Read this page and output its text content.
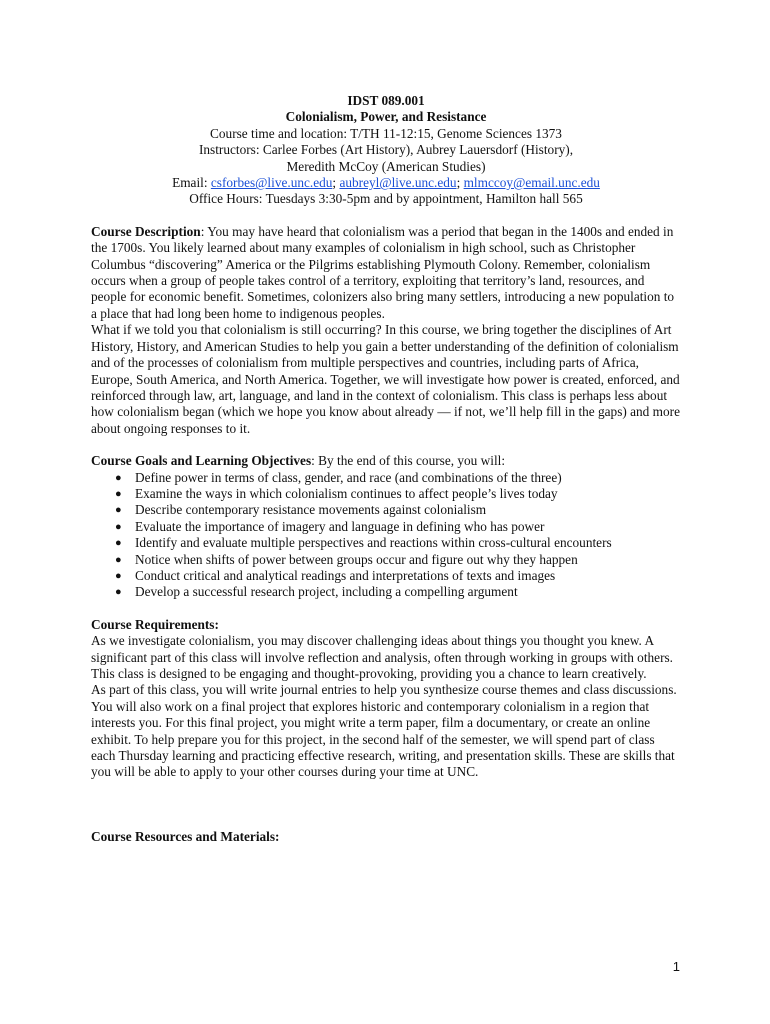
IDST 089.001
Colonialism, Power, and Resistance
Course time and location: T/TH 11-12:15, Genome Sciences 1373
Instructors: Carlee Forbes (Art History), Aubrey Lauersdorf (History),
Meredith McCoy (American Studies)
Email: csforbes@live.unc.edu; aubreyl@live.unc.edu; mlmccoy@email.unc.edu
Office Hours: Tuesdays 3:30-5pm and by appointment, Hamilton hall 565

Course Description: You may have heard that colonialism was a period that began in the 1400s and ended in the 1700s. You likely learned about many examples of colonialism in high school, such as Christopher Columbus “discovering” America or the Pilgrims establishing Plymouth Colony. Remember, colonialism occurs when a group of people takes control of a territory, exploiting that territory’s land, resources, and people for economic benefit. Sometimes, colonizers also bring many settlers, introducing a new population to a place that had long been home to indigenous peoples.

What if we told you that colonialism is still occurring? In this course, we bring together the disciplines of Art History, History, and American Studies to help you gain a better understanding of the definition of colonialism and of the processes of colonialism from multiple perspectives and countries, including parts of Africa, Europe, South America, and North America. Together, we will investigate how power is created, enforced, and reinforced through law, art, language, and land in the context of colonialism. This class is perhaps less about how colonialism began (which we hope you know about already — if not, we’ll help fill in the gaps) and more about ongoing responses to it.

Course Goals and Learning Objectives: By the end of this course, you will:

● Define power in terms of class, gender, and race (and combinations of the three)
● Examine the ways in which colonialism continues to affect people’s lives today
● Describe contemporary resistance movements against colonialism
● Evaluate the importance of imagery and language in defining who has power
● Identify and evaluate multiple perspectives and reactions within cross-cultural encounters
● Notice when shifts of power between groups occur and figure out why they happen
● Conduct critical and analytical readings and interpretations of texts and images
● Develop a successful research project, including a compelling argument

Course Requirements:

As we investigate colonialism, you may discover challenging ideas about things you thought you knew. A significant part of this class will involve reflection and analysis, often through working in groups with others. This class is designed to be engaging and thought-provoking, providing you a chance to learn creatively.

As part of this class, you will write journal entries to help you synthesize course themes and class discussions. You will also work on a final project that explores historic and contemporary colonialism in a region that interests you. For this final project, you might write a term paper, film a documentary, or create an online exhibit. To help prepare you for this project, in the second half of the semester, we will spend part of class each Thursday learning and practicing effective research, writing, and presentation skills. These are skills that you will be able to apply to your other courses during your time at UNC.

Course Resources and Materials:

1
